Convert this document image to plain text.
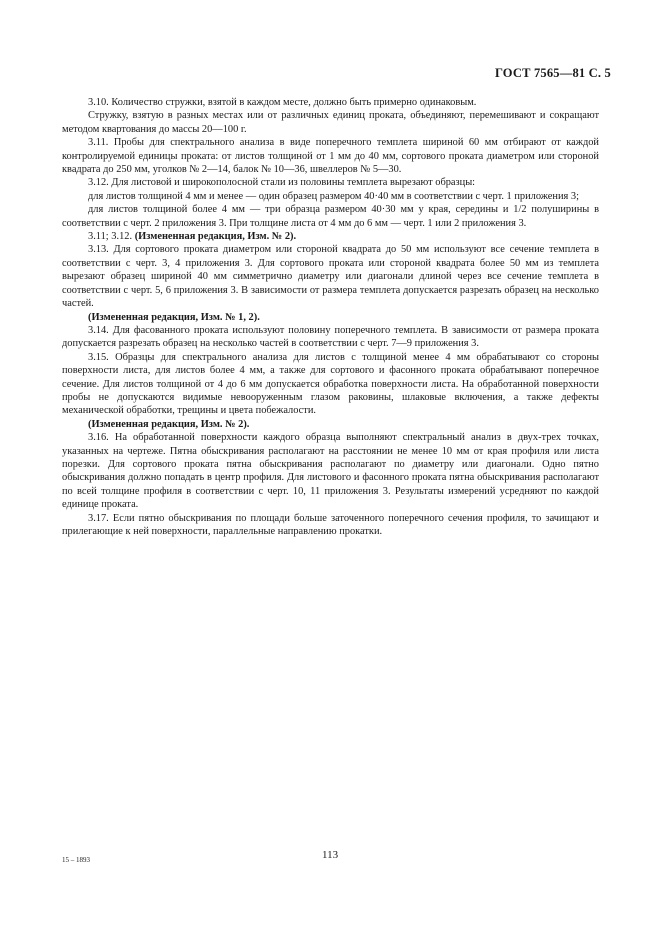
ГОСТ 7565—81 С. 5

3.10. Количество стружки, взятой в каждом месте, должно быть примерно одинаковым.

Стружку, взятую в разных местах или от различных единиц проката, объединяют, перемешивают и сокращают методом квартования до массы 20—100 г.

3.11. Пробы для спектрального анализа в виде поперечного темплета шириной 60 мм отбирают от каждой контролируемой единицы проката: от листов толщиной от 1 мм до 40 мм, сортового проката диаметром или стороной квадрата до 250 мм, уголков № 2—14, балок № 10—36, швеллеров № 5—30.

3.12. Для листовой и широкополосной стали из половины темплета вырезают образцы:

для листов толщиной 4 мм и менее — один образец размером 40·40 мм в соответствии с черт. 1 приложения 3;

для листов толщиной более 4 мм — три образца размером 40·30 мм у края, середины и 1/2 полуширины в соответствии с черт. 2 приложения 3. При толщине листа от 4 мм до 6 мм — черт. 1 или 2 приложения 3.

3.11; 3.12. (Измененная редакция, Изм. № 2).

3.13. Для сортового проката диаметром или стороной квадрата до 50 мм используют все сечение темплета в соответствии с черт. 3, 4 приложения 3. Для сортового проката или стороной квадрата более 50 мм из темплета вырезают образец шириной 40 мм симметрично диаметру или диагонали длиной через все сечение темплета в соответствии с черт. 5, 6 приложения 3. В зависимости от размера темплета допускается разрезать образец на несколько частей.

(Измененная редакция, Изм. № 1, 2).

3.14. Для фасованного проката используют половину поперечного темплета. В зависимости от размера проката допускается разрезать образец на несколько частей в соответствии с черт. 7—9 приложения 3.

3.15. Образцы для спектрального анализа для листов с толщиной менее 4 мм обрабатывают со стороны поверхности листа, для листов более 4 мм, а также для сортового и фасонного проката обрабатывают поперечное сечение. Для листов толщиной от 4 до 6 мм допускается обработка поверхности листа. На обработанной поверхности пробы не допускаются видимые невооруженным глазом раковины, шлаковые включения, а также дефекты механической обработки, трещины и цвета побежалости.

(Измененная редакция, Изм. № 2).

3.16. На обработанной поверхности каждого образца выполняют спектральный анализ в двух-трех точках, указанных на чертеже. Пятна обыскривания располагают на расстоянии не менее 10 мм от края профиля или листа порезки. Для сортового проката пятна обыскривания располагают по диаметру или диагонали. Одно пятно обыскривания должно попадать в центр профиля. Для листового и фасонного проката пятна обыскривания располагают по всей толщине профиля в соответствии с черт. 10, 11 приложения 3. Результаты измерений усредняют по каждой единице проката.

3.17. Если пятно обыскривания по площади больше заточенного поперечного сечения профиля, то зачищают и прилегающие к ней поверхности, параллельные направлению прокатки.

15 – 1893	113
